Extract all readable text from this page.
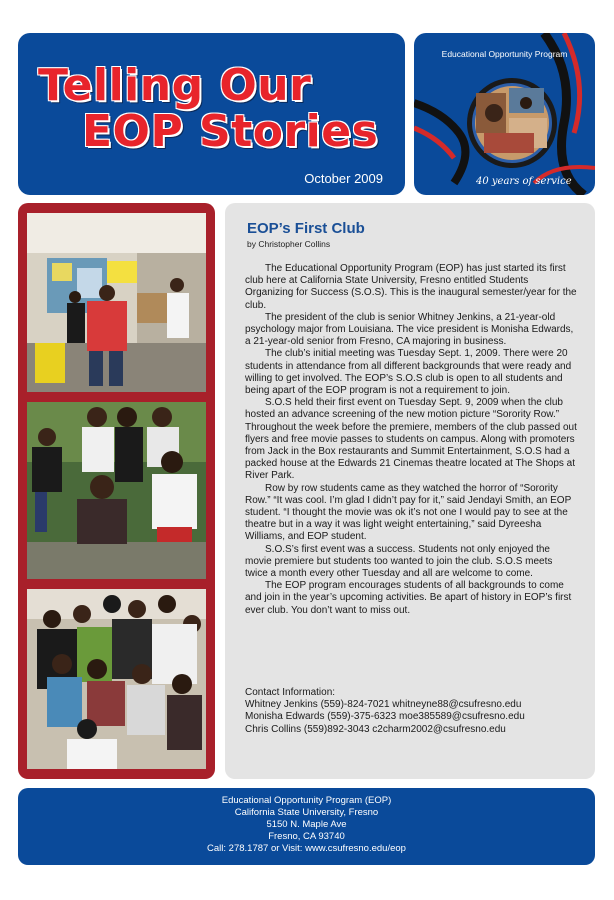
Telling Our
EOP Stories
October 2009
Educational Opportunity Program
40 years of service
EOP’s First Club
by Christopher Collins

The Educational Opportunity Program (EOP) has just started its first club here at California State University, Fresno entitled Students Organizing for Success (S.O.S). This is the inaugural semester/year for the club.

The president of the club is senior Whitney Jenkins, a 21-year-old psychology major from Louisiana. The vice president is Monisha Edwards, a 21-year-old senior from Fresno, CA majoring in business.

The club’s initial meeting was Tuesday Sept. 1, 2009. There were 20 students in attendance from all different backgrounds that were ready and willing to get involved. The EOP’s S.O.S club is open to all students and being apart of the EOP program is not a requirement to join.

S.O.S held their first event on Tuesday Sept. 9, 2009 when the club hosted an advance screening of the new motion picture “Sorority Row.” Throughout the week before the premiere, members of the club passed out flyers and free movie passes to students on campus. Along with promoters from Jack in the Box restaurants and Summit Entertainment, S.O.S had a packed house at the Edwards 21 Cinemas theatre located at The Shops at River Park.

Row by row students came as they watched the horror of “Sorority Row.” “It was cool. I’m glad I didn’t pay for it,” said Jendayi Smith, an EOP student. “I thought the movie was ok it’s not one I would pay to see at the theatre but in a way it was light weight entertaining,” said Dyreesha Williams, and EOP student.

S.O.S’s first event was a success. Students not only enjoyed the movie premiere but students too wanted to join the club. S.O.S meets twice a month every other Tuesday and all are welcome to come.

The EOP program encourages students of all backgrounds to come and join in the year’s upcoming activities. Be apart of history in EOP’s first ever club. You don’t want to miss out.

Contact Information:
Whitney Jenkins (559)-824-7021 whitneyne88@csufresno.edu
Monisha Edwards (559)-375-6323 moe385589@csufresno.edu
Chris Collins (559)892-3043 c2charm2002@csufresno.edu
Educational Opportunity Program (EOP)
California State University, Fresno
5150 N. Maple Ave
Fresno, CA 93740
Call: 278.1787 or Visit: www.csufresno.edu/eop
